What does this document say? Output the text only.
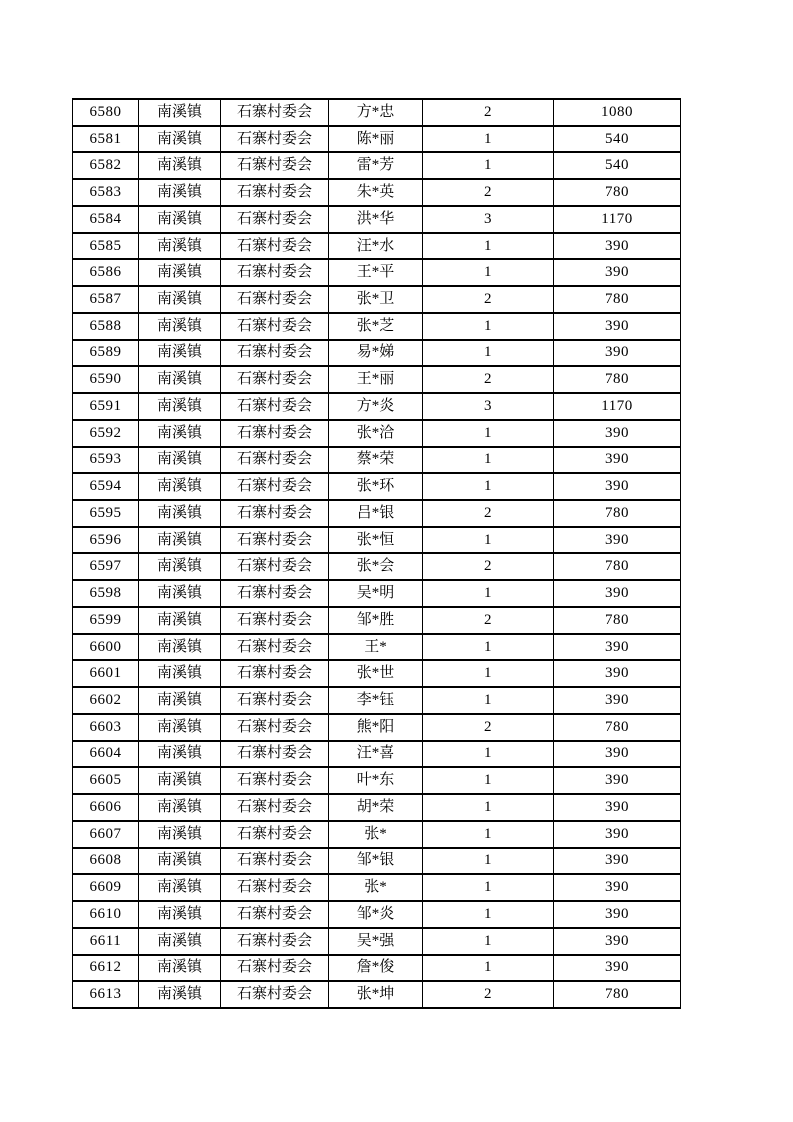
6580	南溪镇	石寨村委会	方*忠	2	1080
6581	南溪镇	石寨村委会	陈*丽	1	540
6582	南溪镇	石寨村委会	雷*芳	1	540
6583	南溪镇	石寨村委会	朱*英	2	780
6584	南溪镇	石寨村委会	洪*华	3	1170
6585	南溪镇	石寨村委会	汪*水	1	390
6586	南溪镇	石寨村委会	王*平	1	390
6587	南溪镇	石寨村委会	张*卫	2	780
6588	南溪镇	石寨村委会	张*芝	1	390
6589	南溪镇	石寨村委会	易*娣	1	390
6590	南溪镇	石寨村委会	王*丽	2	780
6591	南溪镇	石寨村委会	方*炎	3	1170
6592	南溪镇	石寨村委会	张*洽	1	390
6593	南溪镇	石寨村委会	蔡*荣	1	390
6594	南溪镇	石寨村委会	张*环	1	390
6595	南溪镇	石寨村委会	吕*银	2	780
6596	南溪镇	石寨村委会	张*恒	1	390
6597	南溪镇	石寨村委会	张*会	2	780
6598	南溪镇	石寨村委会	吴*明	1	390
6599	南溪镇	石寨村委会	邹*胜	2	780
6600	南溪镇	石寨村委会	王*	1	390
6601	南溪镇	石寨村委会	张*世	1	390
6602	南溪镇	石寨村委会	李*钰	1	390
6603	南溪镇	石寨村委会	熊*阳	2	780
6604	南溪镇	石寨村委会	汪*喜	1	390
6605	南溪镇	石寨村委会	叶*东	1	390
6606	南溪镇	石寨村委会	胡*荣	1	390
6607	南溪镇	石寨村委会	张*	1	390
6608	南溪镇	石寨村委会	邹*银	1	390
6609	南溪镇	石寨村委会	张*	1	390
6610	南溪镇	石寨村委会	邹*炎	1	390
6611	南溪镇	石寨村委会	吴*强	1	390
6612	南溪镇	石寨村委会	詹*俊	1	390
6613	南溪镇	石寨村委会	张*坤	2	780
